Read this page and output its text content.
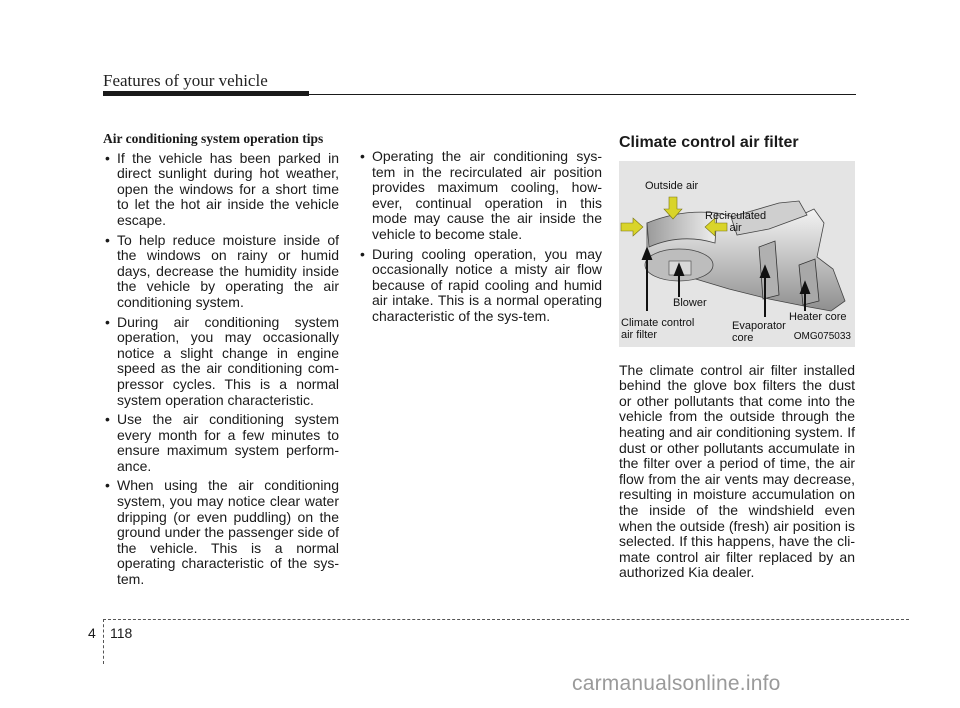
Features of your vehicle
Air conditioning system operation tips
• If the vehicle has been parked in direct sunlight during hot weather, open the windows for a short time to let the hot air inside the vehicle escape.
• To help reduce moisture inside of the windows on rainy or humid days, decrease the humidity inside the vehicle by operating the air conditioning system.
• During air conditioning system operation, you may occasionally notice a slight change in engine speed as the air conditioning com-pressor cycles. This is a normal system operation characteristic.
• Use the air conditioning system every month for a few minutes to ensure maximum system perform-ance.
• When using the air conditioning system, you may notice clear water dripping (or even puddling) on the ground under the passenger side of the vehicle. This is a normal operating characteristic of the sys-tem.
• Operating the air conditioning sys-tem in the recirculated air position provides maximum cooling, how-ever, continual operation in this mode may cause the air inside the vehicle to become stale.
• During cooling operation, you may occasionally notice a misty air flow because of rapid cooling and humid air intake. This is a normal operating characteristic of the sys-tem.
Climate control air filter
Outside air
Recirculated
air
Blower
Climate control
air filter
Evaporator
core
Heater core
OMG075033

The climate control air filter installed behind the glove box filters the dust or other pollutants that come into the vehicle from the outside through the heating and air conditioning system. If dust or other pollutants accumulate in the filter over a period of time, the air flow from the air vents may decrease, resulting in moisture accumulation on the inside of the windshield even when the outside (fresh) air position is selected. If this happens, have the cli-mate control air filter replaced by an authorized Kia dealer.

4 118
carmanualsonline.info
